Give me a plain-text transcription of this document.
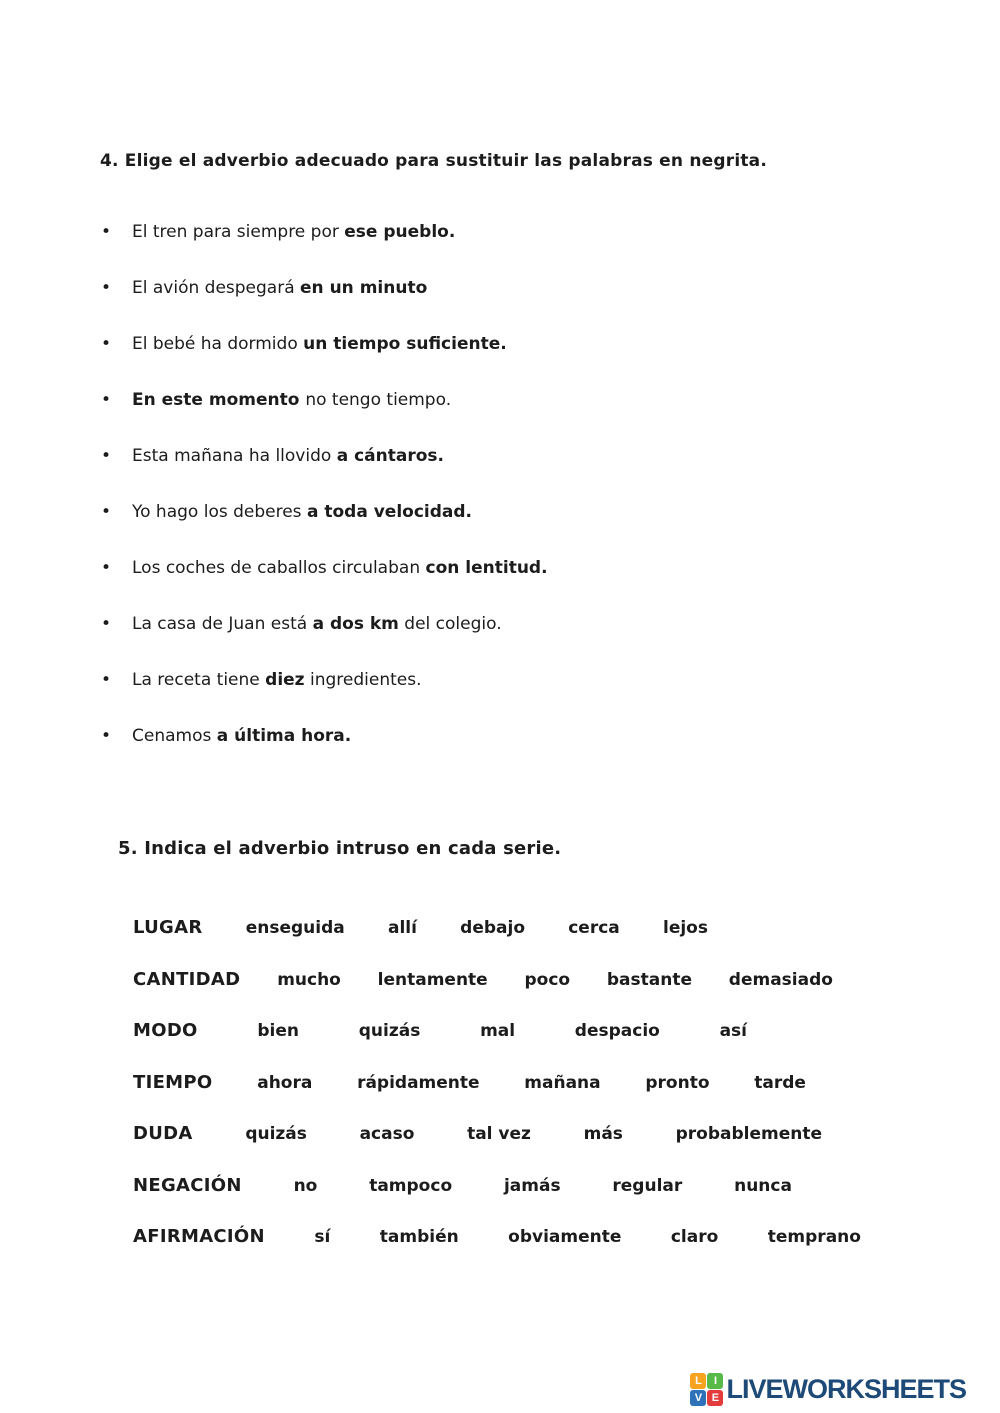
4. Elige el adverbio adecuado para sustituir las palabras en negrita.
•	El tren para siempre por ese pueblo.
•	El avión despegará en un minuto
•	El bebé ha dormido un tiempo suficiente.
•	En este momento no tengo tiempo.
•	Esta mañana ha llovido a cántaros.
•	Yo hago los deberes a toda velocidad.
•	Los coches de caballos circulaban con lentitud.
•	La casa de Juan está a dos km del colegio.
•	La receta tiene diez ingredientes.
•	Cenamos a última hora.
5. Indica el adverbio intruso en cada serie.
LUGAR	enseguida	allí	debajo	cerca	lejos
CANTIDAD mucho lentamente poco bastante demasiado
MODO	bien	quizás	mal	despacio	así
TIEMPO	ahora	rápidamente	mañana	pronto	tarde
DUDA	quizás	acaso	tal vez	más	probablemente
NEGACIÓN	no	tampoco	jamás	regular	nunca
AFIRMACIÓN	sí	también	obviamente	claro	temprano
L	I
V E LIVEWORKSHEETS
